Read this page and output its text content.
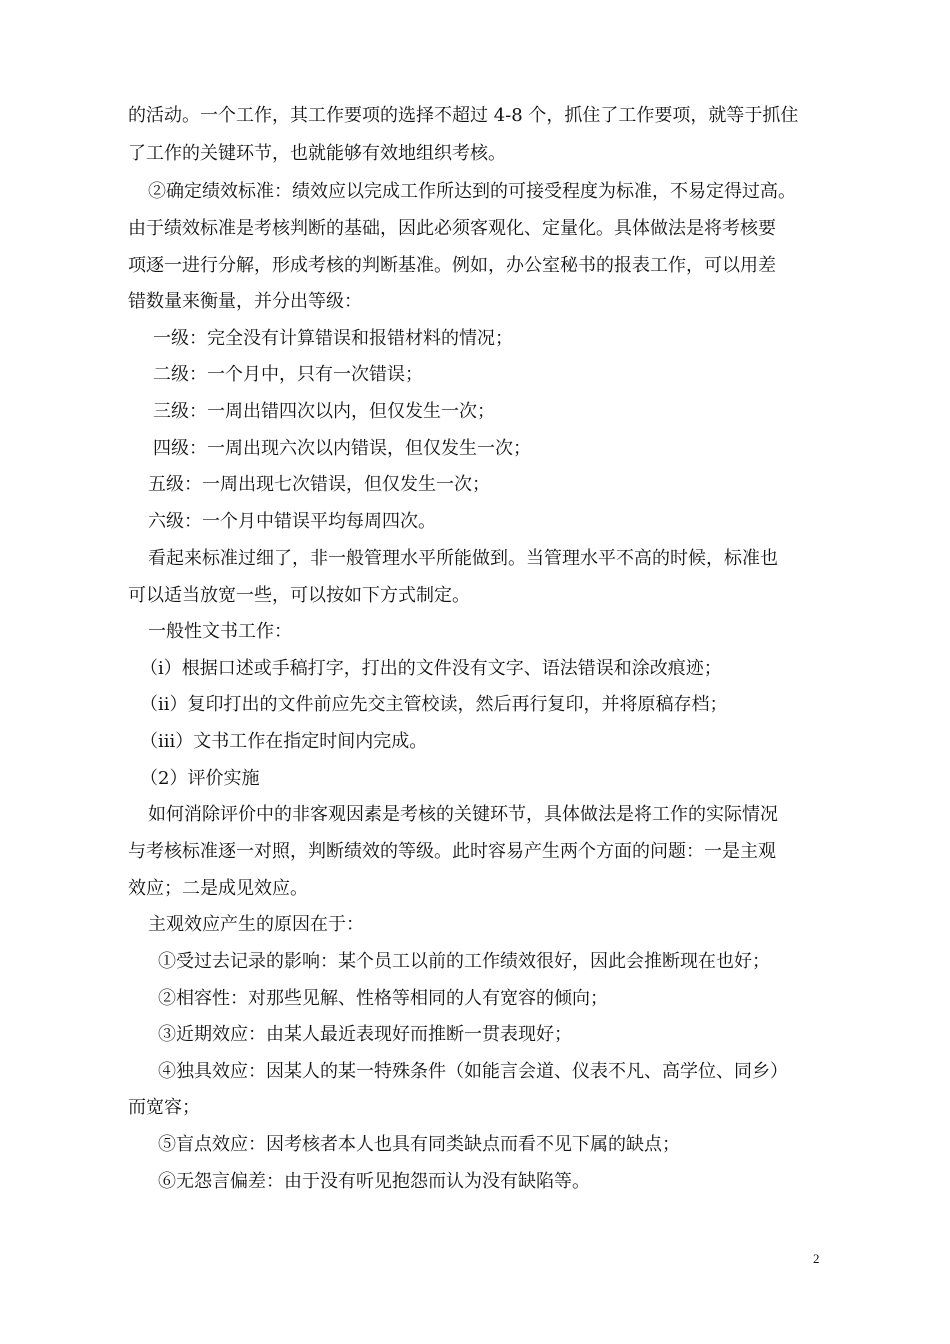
的活动。一个工作，其工作要项的选择不超过 4-8 个，抓住了工作要项，就等于抓住
了工作的关键环节，也就能够有效地组织考核。
②确定绩效标准：绩效应以完成工作所达到的可接受程度为标准，不易定得过高。
由于绩效标准是考核判断的基础，因此必须客观化、定量化。具体做法是将考核要
项逐一进行分解，形成考核的判断基准。例如，办公室秘书的报表工作，可以用差
错数量来衡量，并分出等级：
一级：完全没有计算错误和报错材料的情况；
二级：一个月中，只有一次错误；
三级：一周出错四次以内，但仅发生一次；
四级：一周出现六次以内错误，但仅发生一次；
五级：一周出现七次错误，但仅发生一次；
六级：一个月中错误平均每周四次。
看起来标准过细了，非一般管理水平所能做到。当管理水平不高的时候，标准也
可以适当放宽一些，可以按如下方式制定。
一般性文书工作：
（i）根据口述或手稿打字，打出的文件没有文字、语法错误和涂改痕迹；
（ii）复印打出的文件前应先交主管校读，然后再行复印，并将原稿存档；
（iii）文书工作在指定时间内完成。
（2）评价实施
如何消除评价中的非客观因素是考核的关键环节，具体做法是将工作的实际情况
与考核标准逐一对照，判断绩效的等级。此时容易产生两个方面的问题：一是主观
效应；二是成见效应。
主观效应产生的原因在于：
①受过去记录的影响：某个员工以前的工作绩效很好，因此会推断现在也好；
②相容性：对那些见解、性格等相同的人有宽容的倾向；
③近期效应：由某人最近表现好而推断一贯表现好；
④独具效应：因某人的某一特殊条件（如能言会道、仪表不凡、高学位、同乡）
而宽容；
⑤盲点效应：因考核者本人也具有同类缺点而看不见下属的缺点；
⑥无怨言偏差：由于没有听见抱怨而认为没有缺陷等。
2
